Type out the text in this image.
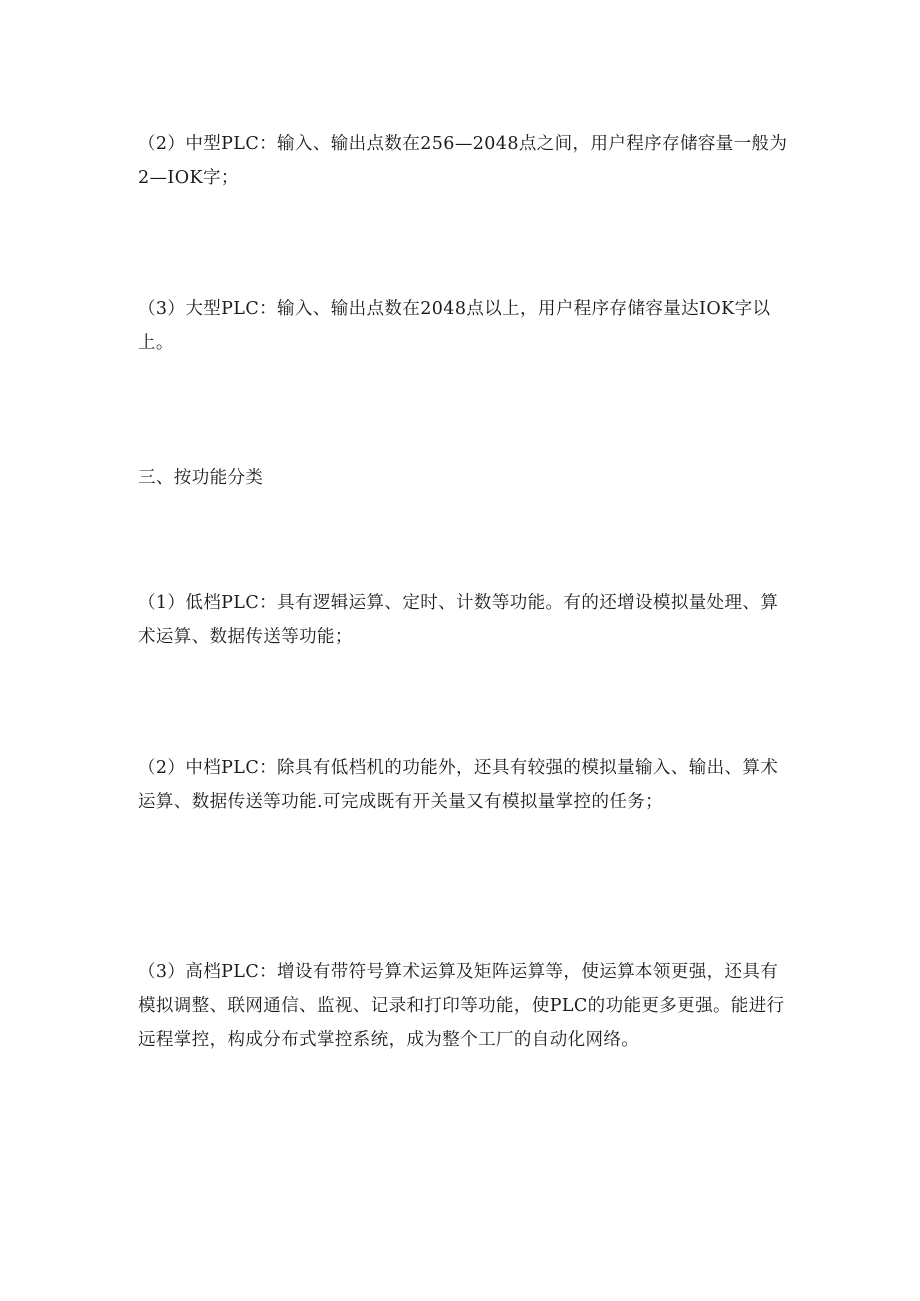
（2）中型PLC：输入、输出点数在256—2048点之间，用户程序存储容量一般为2—IOK字；

（3）大型PLC：输入、输出点数在2048点以上，用户程序存储容量达IOK字以上。

三、按功能分类

（1）低档PLC：具有逻辑运算、定时、计数等功能。有的还增设模拟量处理、算术运算、数据传送等功能；

（2）中档PLC：除具有低档机的功能外，还具有较强的模拟量输入、输出、算术运算、数据传送等功能.可完成既有开关量又有模拟量掌控的任务；

（3）高档PLC：增设有带符号算术运算及矩阵运算等，使运算本领更强，还具有模拟调整、联网通信、监视、记录和打印等功能，使PLC的功能更多更强。能进行远程掌控，构成分布式掌控系统，成为整个工厂的自动化网络。
